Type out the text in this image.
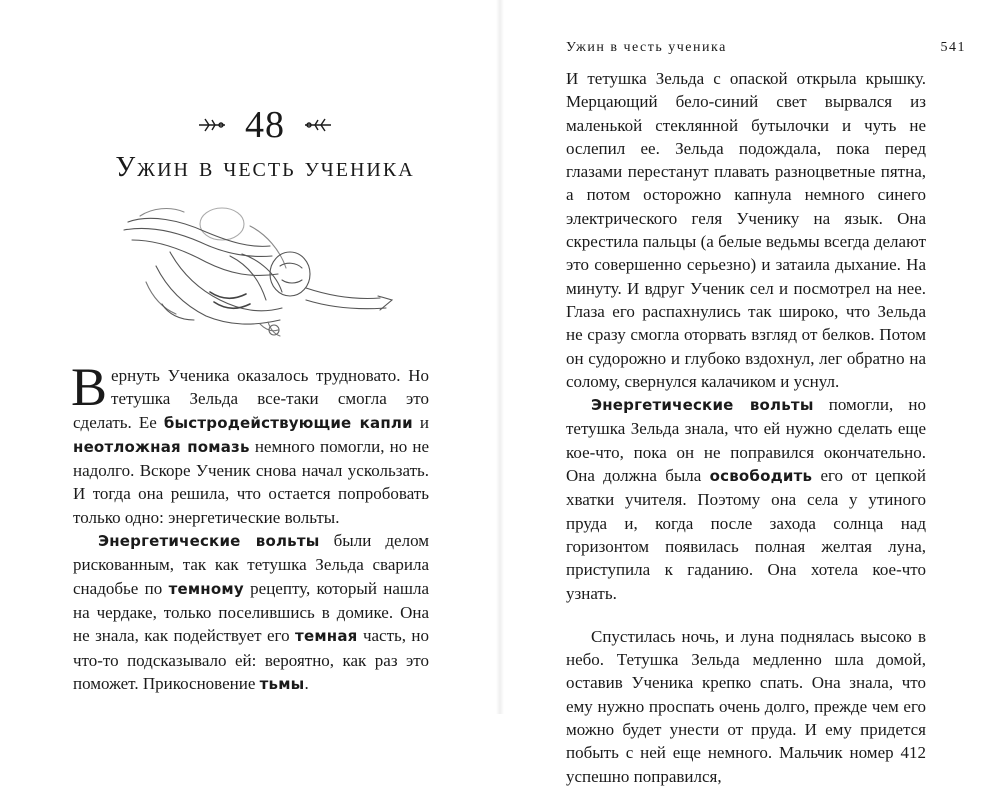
48
Ужин в честь ученика

Вернуть Ученика оказалось трудновато. Но тетушка Зельда все-таки смогла это сделать. Ее быстродействующие капли и неотложная помазь немного помогли, но не надолго. Вскоре Ученик снова начал ускользать. И тогда она решила, что остается попробовать только одно: энергетические вольты.

Энергетические вольты были делом рискованным, так как тетушка Зельда сварила снадобье по темному рецепту, который нашла на чердаке, только поселившись в домике. Она не знала, как подействует его темная часть, но что-то подсказывало ей: вероятно, как раз это поможет. Прикосновение тьмы.

Ужин в честь ученика	541

И тетушка Зельда с опаской открыла крышку. Мерцающий бело-синий свет вырвался из маленькой стеклянной бутылочки и чуть не ослепил ее. Зельда подождала, пока перед глазами перестанут плавать разноцветные пятна, а потом осторожно капнула немного синего электрического геля Ученику на язык. Она скрестила пальцы (а белые ведьмы всегда делают это совершенно серьезно) и затаила дыхание. На минуту. И вдруг Ученик сел и посмотрел на нее. Глаза его распахнулись так широко, что Зельда не сразу смогла оторвать взгляд от белков. Потом он судорожно и глубоко вздохнул, лег обратно на солому, свернулся калачиком и уснул.

Энергетические вольты помогли, но тетушка Зельда знала, что ей нужно сделать еще кое-что, пока он не поправился окончательно. Она должна была освободить его от цепкой хватки учителя. Поэтому она села у утиного пруда и, когда после захода солнца над горизонтом появилась полная желтая луна, приступила к гаданию. Она хотела кое-что узнать.

Спустилась ночь, и луна поднялась высоко в небо. Тетушка Зельда медленно шла домой, оставив Ученика крепко спать. Она знала, что ему нужно проспать очень долго, прежде чем его можно будет унести от пруда. И ему придется побыть с ней еще немного. Мальчик номер 412 успешно поправился,
